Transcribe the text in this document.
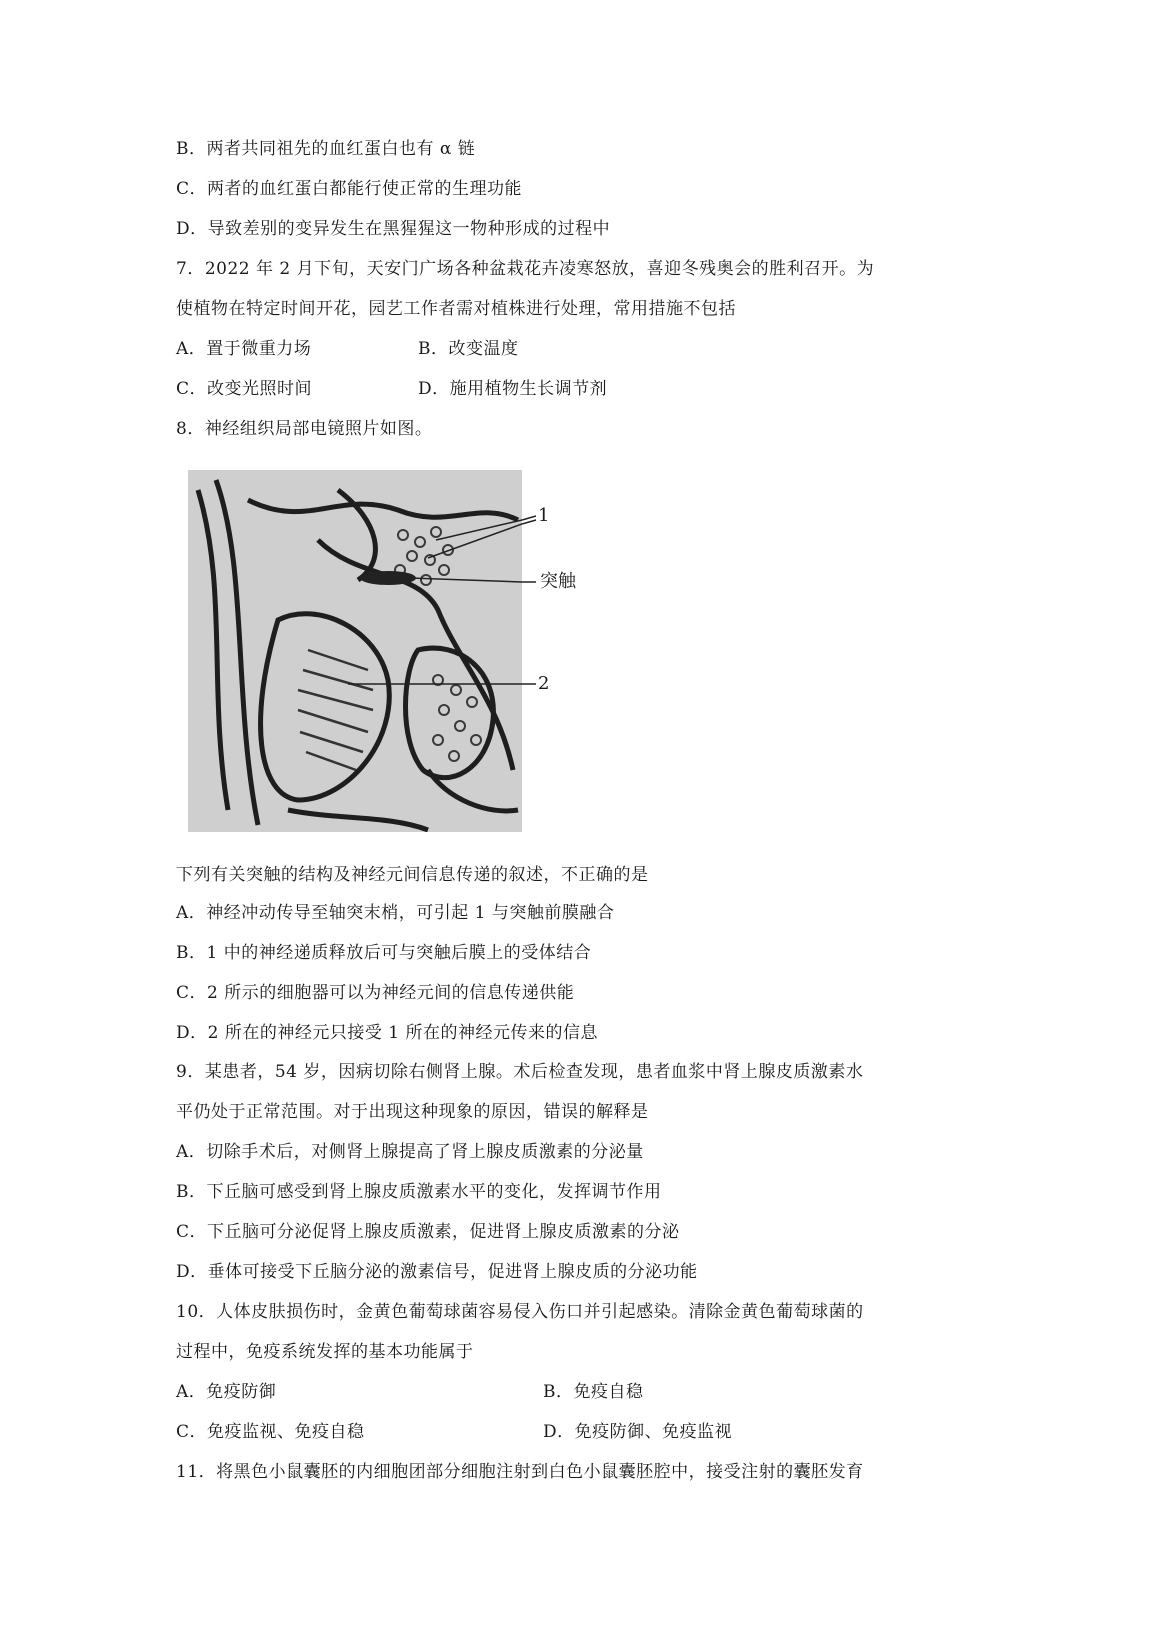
B．两者共同祖先的血红蛋白也有 α 链
C．两者的血红蛋白都能行使正常的生理功能
D．导致差别的变异发生在黑猩猩这一物种形成的过程中
7．2022 年 2 月下旬，天安门广场各种盆栽花卉凌寒怒放，喜迎冬残奥会的胜利召开。为
使植物在特定时间开花，园艺工作者需对植株进行处理，常用措施不包括
A．置于微重力场	B．改变温度
C．改变光照时间	D．施用植物生长调节剂
8．神经组织局部电镜照片如图。
1
突触
2
下列有关突触的结构及神经元间信息传递的叙述，不正确的是
A．神经冲动传导至轴突末梢，可引起 1 与突触前膜融合
B．1 中的神经递质释放后可与突触后膜上的受体结合
C．2 所示的细胞器可以为神经元间的信息传递供能
D．2 所在的神经元只接受 1 所在的神经元传来的信息
9．某患者，54 岁，因病切除右侧肾上腺。术后检查发现，患者血浆中肾上腺皮质激素水
平仍处于正常范围。对于出现这种现象的原因，错误的解释是
A．切除手术后，对侧肾上腺提高了肾上腺皮质激素的分泌量
B．下丘脑可感受到肾上腺皮质激素水平的变化，发挥调节作用
C．下丘脑可分泌促肾上腺皮质激素，促进肾上腺皮质激素的分泌
D．垂体可接受下丘脑分泌的激素信号，促进肾上腺皮质的分泌功能
10．人体皮肤损伤时，金黄色葡萄球菌容易侵入伤口并引起感染。清除金黄色葡萄球菌的
过程中，免疫系统发挥的基本功能属于
A．免疫防御	B．免疫自稳
C．免疫监视、免疫自稳	D．免疫防御、免疫监视
11．将黑色小鼠囊胚的内细胞团部分细胞注射到白色小鼠囊胚腔中，接受注射的囊胚发育
